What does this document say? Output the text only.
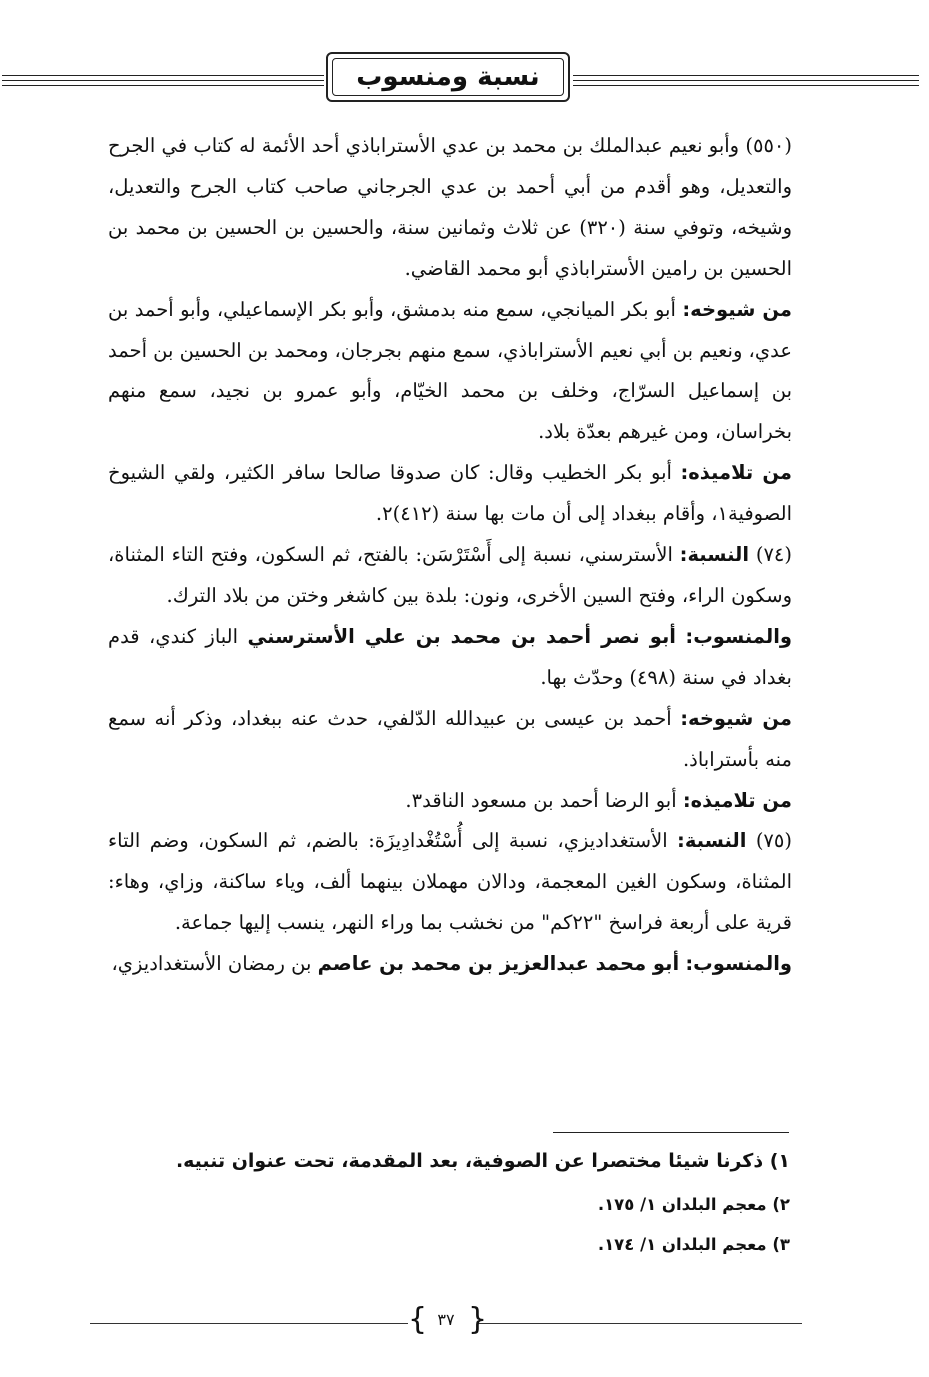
نسبة ومنسوب

(٥٥٠) وأبو نعيم عبدالملك بن محمد بن عدي الأستراباذي أحد الأئمة له كتاب في الجرح والتعديل، وهو أقدم من أبي أحمد بن عدي الجرجاني صاحب كتاب الجرح والتعديل، وشيخه، وتوفي سنة (٣٢٠) عن ثلاث وثمانين سنة، والحسين بن الحسين بن محمد بن الحسين بن رامين الأستراباذي أبو محمد القاضي.

من شيوخه: أبو بكر الميانجي، سمع منه بدمشق، وأبو بكر الإسماعيلي، وأبو أحمد بن عدي، ونعيم بن أبي نعيم الأستراباذي، سمع منهم بجرجان، ومحمد بن الحسين بن أحمد بن إسماعيل السرّاج، وخلف بن محمد الخيّام، وأبو عمرو بن نجيد، سمع منهم بخراسان، ومن غيرهم بعدّة بلاد.

من تلاميذه: أبو بكر الخطيب وقال: كان صدوقا صالحا سافر الكثير، ولقي الشيوخ الصوفية١، وأقام ببغداد إلى أن مات بها سنة (٤١٢)٢.

(٧٤) النسبة: الأسترسني، نسبة إلى أَسْتَرْسَن: بالفتح، ثم السكون، وفتح التاء المثناة، وسكون الراء، وفتح السين الأخرى، ونون: بلدة بين كاشغر وختن من بلاد الترك.

والمنسوب: أبو نصر أحمد بن محمد بن علي الأسترسني الباز كندي، قدم بغداد في سنة (٤٩٨) وحدّث بها.

من شيوخه: أحمد بن عيسى بن عبيدالله الدّلفي، حدث عنه ببغداد، وذكر أنه سمع منه بأستراباذ.

من تلاميذه: أبو الرضا أحمد بن مسعود الناقد٣.

(٧٥) النسبة: الأستغداديزي، نسبة إلى أُسْتُغْدادِيزَة: بالضم، ثم السكون، وضم التاء المثناة، وسكون الغين المعجمة، ودالان مهملان بينهما ألف، وياء ساكنة، وزاي، وهاء: قرية على أربعة فراسخ "٢٢كم" من نخشب بما وراء النهر، ينسب إليها جماعة.

والمنسوب: أبو محمد عبدالعزيز بن محمد بن عاصم بن رمضان الأستغداديزي،

١) ذكرنا شيئا مختصرا عن الصوفية، بعد المقدمة، تحت عنوان تنبيه.
٢) معجم البلدان ١/ ١٧٥.
٣) معجم البلدان ١/ ١٧٤.
{ ٣٧ }
